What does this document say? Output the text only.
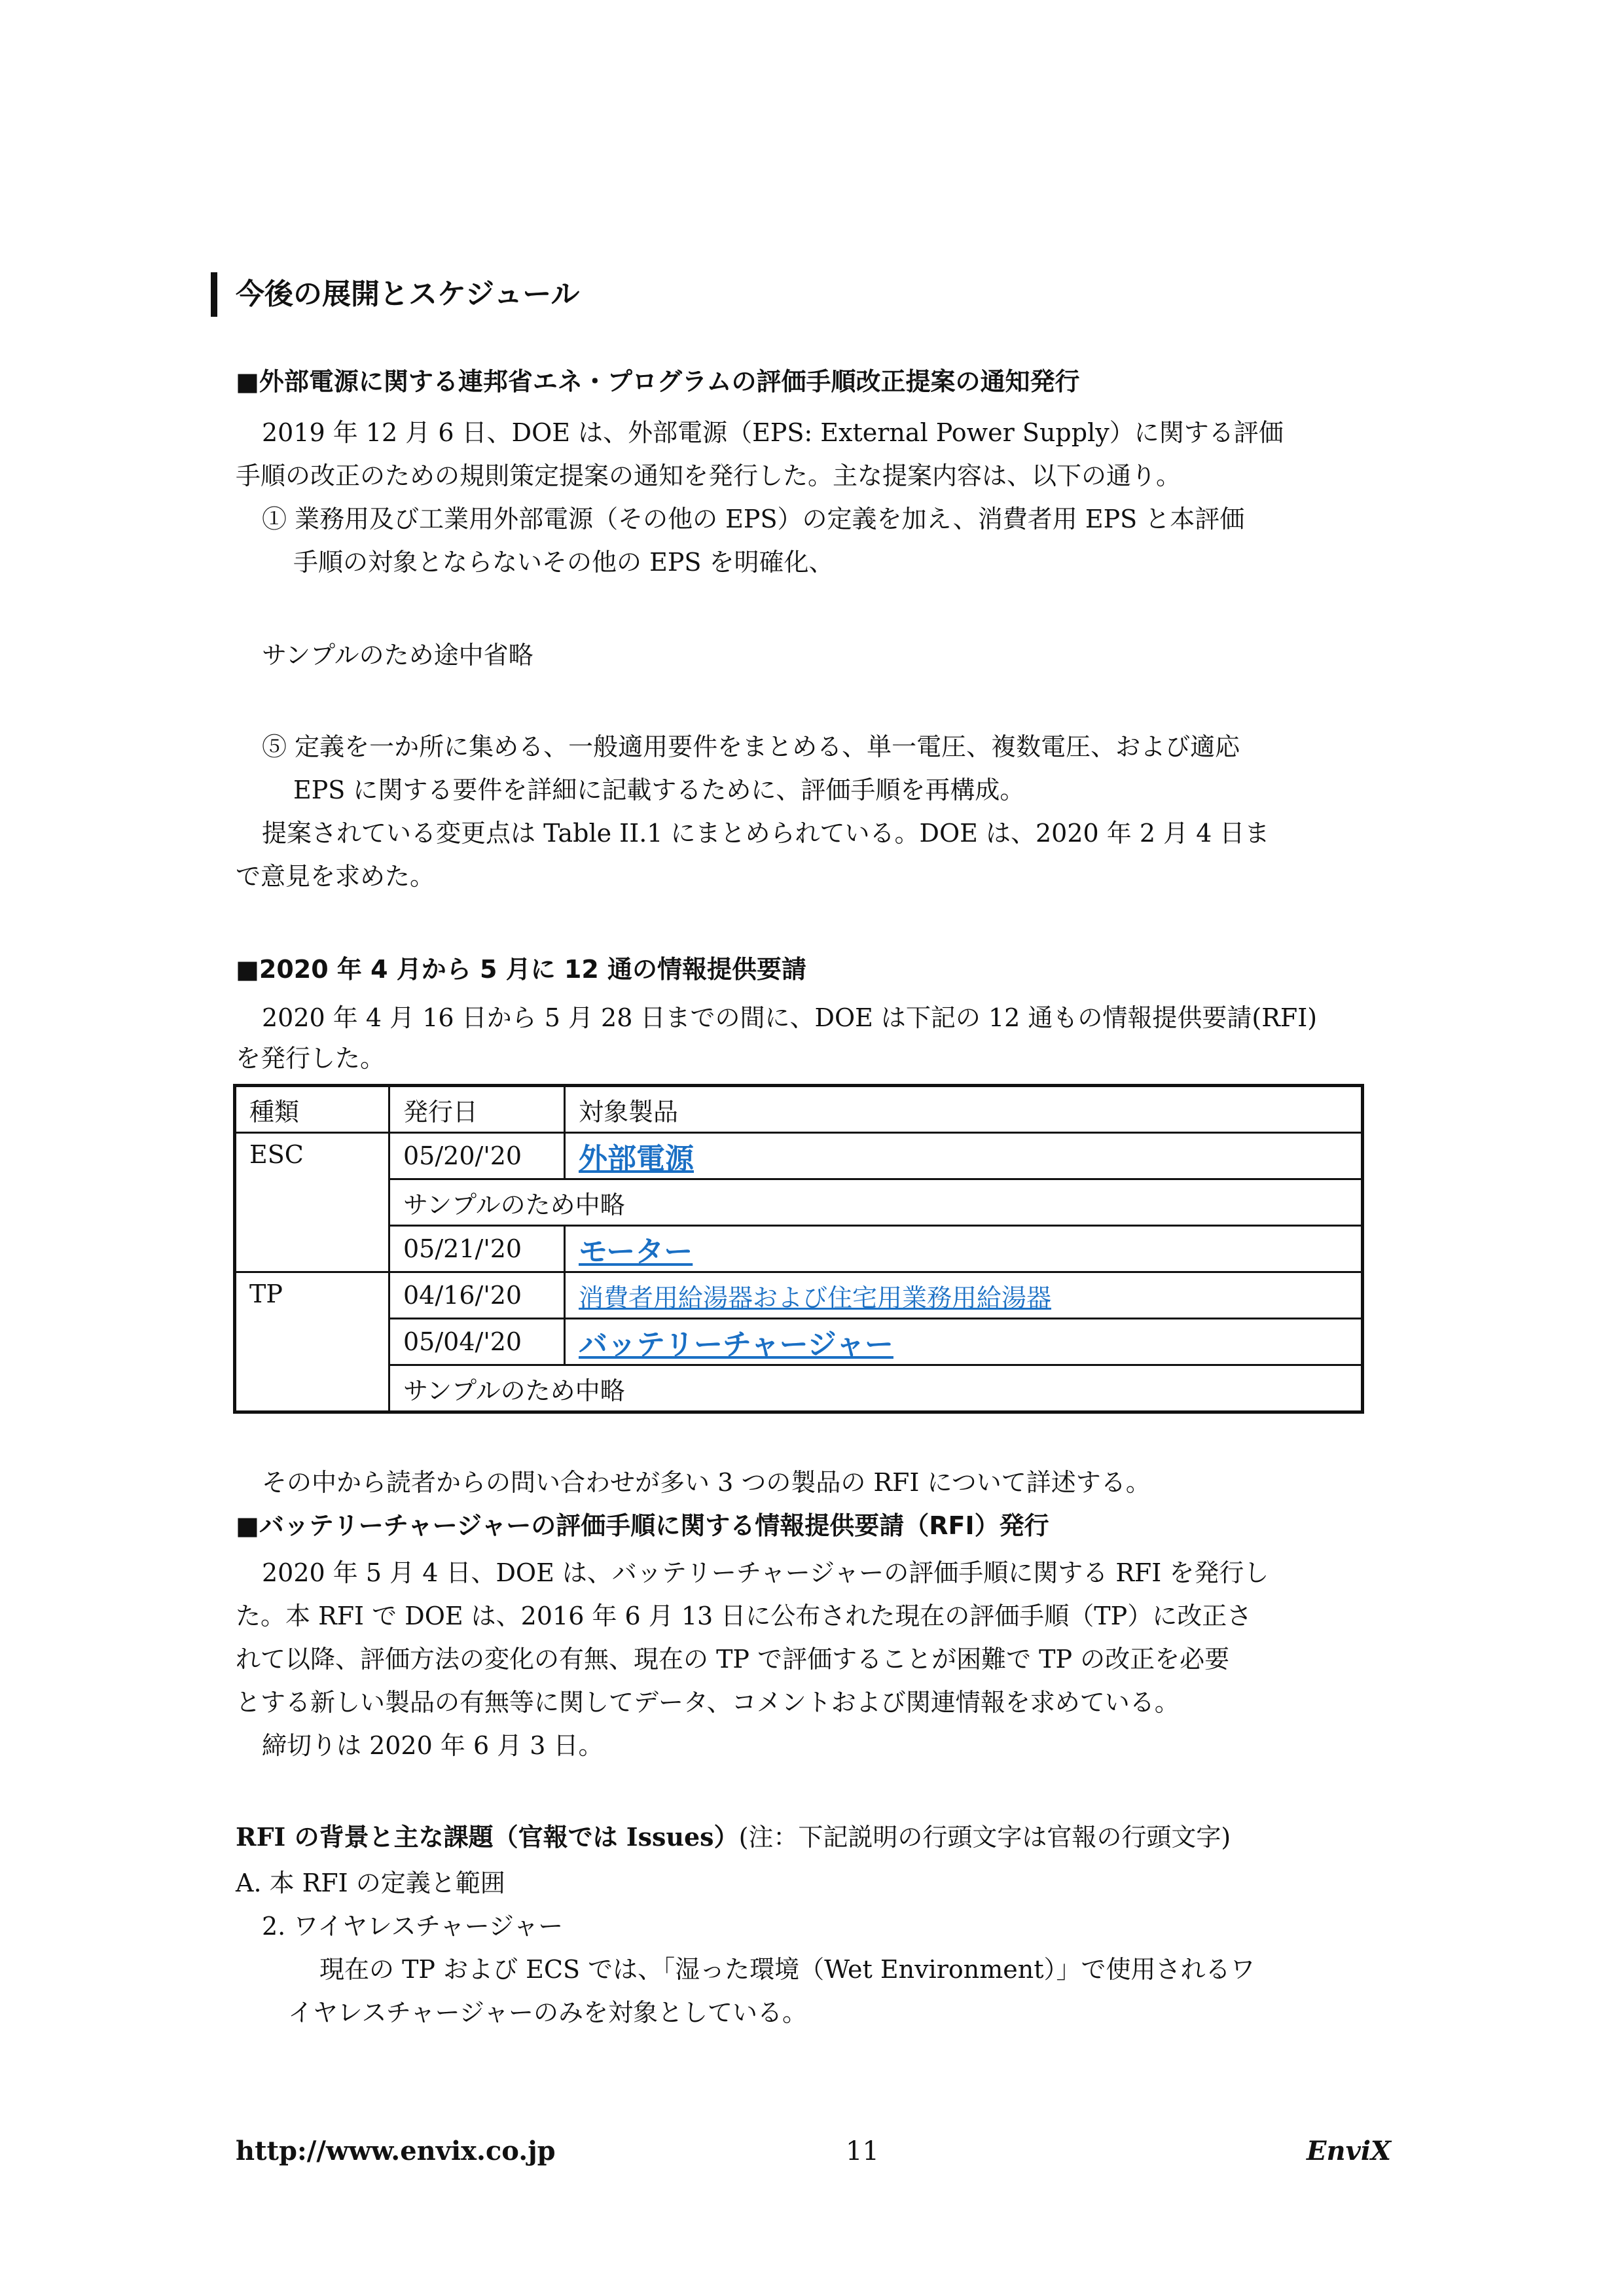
今後の展開とスケジュール
■ 外部電源に関する連邦省エネ・プログラムの評価手順改正提案の通知発行
2019 年 12 月 6 日、DOE は、外部電源（EPS: External Power Supply）に関する評価
手順の改正のための規則策定提案の通知を発行した。主な提案内容は、以下の通り。
① 業務用及び工業用外部電源（その他の EPS）の定義を加え、消費者用 EPS と本評価
手順の対象とならないその他の EPS を明確化、
サンプルのため途中省略
⑤ 定義を一か所に集める、一般適用要件をまとめる、単一電圧、複数電圧、および適応
EPS に関する要件を詳細に記載するために、評価手順を再構成。
提案されている変更点は Table II.1 にまとめられている。DOE は、2020 年 2 月 4 日ま
で意見を求めた。
■ 2020 年 4 月から 5 月に 12 通の情報提供要請
2020 年 4 月 16 日から 5 月 28 日までの間に、DOE は下記の 12 通もの情報提供要請(RFI)
を発行した。
種類	発行日	対象製品
ESC	05/20/'20	外部電源
	サンプルのため中略	
	05/21/'20	モーター
TP	04/16/'20	消費者用給湯器および住宅用業務用給湯器
	05/04/'20	バッテリーチャージャー
	サンプルのため中略	
その中から読者からの問い合わせが多い 3 つの製品の RFI について詳述する。
■ バッテリーチャージャーの評価手順に関する情報提供要請（RFI）発行
2020 年 5 月 4 日、DOE は、バッテリーチャージャーの評価手順に関する RFI を発行し
た。本 RFI で DOE は、2016 年 6 月 13 日に公布された現在の評価手順（TP）に改正さ
れて以降、評価方法の変化の有無、現在の TP で評価することが困難で TP の改正を必要
とする新しい製品の有無等に関してデータ、コメントおよび関連情報を求めている。
締切りは 2020 年 6 月 3 日。
RFI の背景と主な課題（官報では Issues）(注：下記説明の行頭文字は官報の行頭文字)
A. 本 RFI の定義と範囲
2. ワイヤレスチャージャー
現在の TP および ECS では、「湿った環境（Wet Environment）」で使用されるワ
イヤレスチャージャーのみを対象としている。
http://www.envix.co.jp	11	EnviX
